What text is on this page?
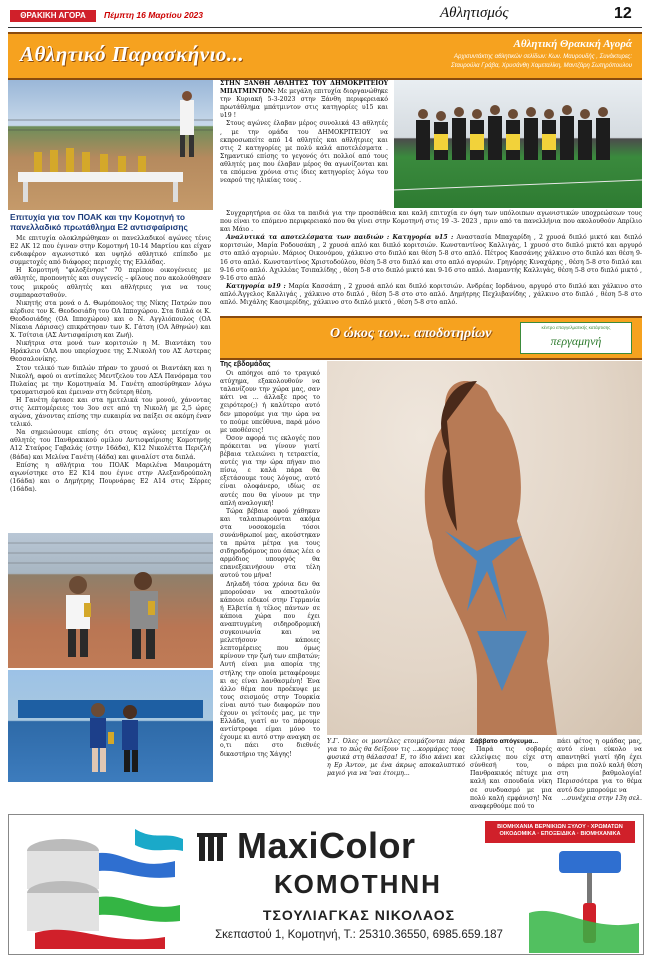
ΘΡΑΚΙΚΗ ΑΓΟΡΑ	Πέμπτη 16 Μαρτίου 2023	Αθλητισμός	12
Αθλητικό Παρασκήνιο...	Αθλητική Θρακική Αγορά
Αρχισυντάκτης αθλητικών σελίδων: Κων. Μαυρουδής , Συνάκτυρες:
Σταυρούλα Γράβα, Χρυσάνθη Χαμεταλίκη, Μαντζάρη Σωτηρόπουλου
Επιτυχία για τον ΠΟΑΚ και την Κομοτηνή το πανελλαδικό πρωτάθλημα Ε2 αντισφαίρισης

Με επιτυχία ολοκληρώθηκαν οι πανελλαδικοί αγώνες τένις Ε2 ΑΚ 12 που έγιναν στην Κομοτηνή 10-14 Μαρτίου και είχαν ενδιαφέρον αγωνιστικό και υψηλό αθλητικό επίπεδο με συμμετοχές από διάφορες περιοχές της Ελλάδας.

Η Κομοτηνή "φιλοξένησε" 70 περίπου οικογένειες με αθλητές, προπονητές και συγγενείς – φίλους που ακολούθησαν τους μικρούς αθλητές και αθλήτριες για να τους συμπαρασταθούν.

Νικητής στα μονά ο Δ. Θωμόπουλος της Νίκης Πατρών που κέρδισε τον Κ. Θεοδοσιάδη του ΟΑ Ιπποχώρου. Στα διπλά οι Κ. Θεοδοσιάδης (ΟΑ Ιπποχώρου) και ο Ν. Αγγλιόπουλος (ΟΑ Νίκαια Λάρισας) επικράτησαν των Κ. Γάτση (ΟΑ Άθηνών) και Χ. Τσίτσια (ΑΣ Αντισφαίριση και Ζωή).

Νικήτρια στα μονά των κοριτσιών η Μ. Βιαντάκη του Ηράκλειο ΟΑΑ που υπερίσχυσε της Σ.Νικολή του ΑΣ Αστερας Θεσσαλονίκης.

Στον τελικό των διπλών πήραν το χρυσό οι Βιαντάκη και η Νικολή, αφού οι αντίπαλες Μεντζελου του ΑΣΑ Πανόραμα του Πυλαίας με την Κομοτηναία Μ. Γανέτη αποσύρθηκαν λόγω τραυματισμού και έμειναν στη δεύτερη θέση.

Η Γανέτη έφτασε και στα ημιτελικά του μονού, χάνοντας στις λεπτομέρειες του 3ου σετ από τη Νικολή με 2,5 ώρες αγώνα, χάνοντας επίσης την ευκαιρία να παίξει σε ακόμη έναν τελικό.

Να σημειώσουμε επίσης ότι στους αγώνες μετείχαν οι αθλητές του Πανθρακικού ομίλου Αντισφαίρισης Κομοτηνής Α12 Σταύρος Γαβαλάς (στην 16άδα), Κ12 Νικολέττα Περιζλή (8άδα) και Μελίνα Γανέτη (4άδα) και φιναλίστ στα διπλά.

Επίσης η αθλήτρια του ΠΟΑΚ Μαριλένα Μαυρομάτη αγωνίστηκε στο Ε2 Κ14 που έγινε στην Αλεξανδρούπολη (16άδα) και ο Δημήτρης Πουρνάρας Ε2 Α14 στις Σέρρες (16άδα).

ΣΤΗΝ ΞΑΝΘΗ ΑΘΛΗΤΕΣ ΤΟΥ ΔΗΜΟΚΡΙΤΕΙΟΥ ΜΠΑΤΜΙΝΤΟΝ: Με μεγάλη επιτυχία διοργανώθηκε την Κυριακή 5-3-2023 στην Ξάνθη περιφερειακό πρωτάθλημα μπάτμιντον στις κατηγορίες υ15 και υ19 !

Στους αγώνες έλαβαν μέρος συνολικά 43 αθλητές , με την ομάδα του ΔΗΜΟΚΡΙΤΕΙΟΥ να εκπροσωπείτε από 14 αθλητές και αθλήτριες και στις 2 κατηγορίες με πολύ καλά αποτελέσματα . Σημαντικό επίσης το γεγονός ότι πολλοί από τους αθλητές μας που έλαβαν μέρος θα αγωνίζονται και τα επόμενα χρόνια στις ίδιες κατηγορίες λόγω του νεαρού της ηλικίας τους .

Συγχαρητήρια σε όλα τα παιδιά για την προσπάθεια και καλή επιτυχία εν όψη των υπόλοιπων αγωνιστικών υποχρεώσεων τους που είναι το επόμενο περιφερειακό που θα γίνει στην Κομοτηνή στις 19 -3- 2023 , πριν από τα πανελλήνια που ακολουθούν Απρίλιο και Μάιο .

Αναλυτικά τα αποτελέσματα των παιδιών : Κατηγορία υ15 : Αναστασία Μπαχαρίδη , 2 χρυσά διπλό μικτό και διπλό κοριτσιών, Μαρία Ροδουσάκη , 2 χρυσά απλό και διπλό κοριτσιών. Κωνσταντίνος Καλλιγάς, 1 χρυσό στο διπλό μικτό και αργυρό στο απλό αγοριών. Μάριος Οικονόμου, χάλκινο στο διπλό και θέση 5-8 στο απλό. Πέτρος Κασσάνης χάλκινο στο διπλό και θέση 9-16 στο απλό. Κωνσταντίνος Χριστοδούλου, θέση 5-8 στο διπλό και στο απλό αγοριών. Γρηγόρης Κιναχάρης , θέση 5-8 στο διπλό και 9-16 στο απλό. Αχιλλέας Τσιπαλίδης , θέση 5-8 στο διπλό μικτό και 9-16 στο απλό. Διαμαντής Καλλιγάς, θέση 5-8 στο διπλό μικτό , 9-16 στο απλό

Κατηγορία υ19 : Μαρία Κασσάπη , 2 χρυσά απλό και διπλό κοριτσιών. Ανδρέας Ιορδάνου, αργυρό στο διπλό και χάλκινο στο απλό.Άγγελος Καλλιγάς , χάλκινο στο διπλό , θέση 5-8 στο στο απλό. Δημήτρης Πεχλιβανίδης , χάλκινο στο διπλό , θέση 5-8 στο απλό. Μιχάλης Κασιμερίδης, χάλκινο στο διπλό μικτό , θέση 5-8 στο απλό.

Ο ώκος των... αποδοτηρίων	κέντρο επαγγελματικής κατάρτισης
περγαμηνή
Της εβδομάδας

Οι απόηχοι από το τραγικό ατύχημα, εξακολουθούν να ταλανίζουν την χώρα μας, σαν κάτι να ... άλλαξε προς το χειρότερο(;) ή καλύτερο αυτό δεν μπορούμε για την ώρα να το πούμε υπεύθυνα, παρά μόνο με υποθέσεις!

Όσον αφορά τις εκλογές που πρόκειται να γίνουν γιατί βέβαια τελειώνει η τετραετία, αυτές για την ώρα πήγαν πιο πίσω, ε καλά πάρα θα εξετάσουμε τους λόγους, αυτό είναι ολοφάνερο, ιδίως σε αυτές που θα γίνουν με την απλή αναλογική!

Τώρα βέβαια αφού χάθηκαν και ταλαιπωρούνται ακόμα στα νοσοκομεία τόσοι συνάνθρωποί μας, ακούστηκαν τα πρώτα μέτρα για τους σιδηροδρόμους που όπως λέει ο αρμόδιος υπουργός θα επανεξεκινήσουν στα τέλη αυτού του μήνα!

Δηλαδή τόσα χρόνια δεν θα μπορούσαν να αποσταλούν κάποιοι ειδικοί στην Γερμανία ή Ελβετία ή τέλος πάντων σε κάποια χώρα που έχει αναπτυγμένη σιδηροδρομική συγκοινωνία και να μελετήσουν κάποιες λεπτομέρειες που όμως κρίνουν την ζωή των επιβατών; Αυτή είναι μια απορία της στήλης την οποία μεταφέρουμε κι ας είναι λανθασμένη! Ένα άλλο θέμα που προέκυψε με τους σεισμούς στην Τουρκία είναι αυτό των διαφορών που έχουν οι γείτονές μας, με την Ελλάδα, γιατί αν το πάρουμε αντίστροφα είμαι μόνο το έχουμε κι αυτό στην αναγκη σε ο,τι πάει στο διεθνές δικαστήριο της Χάγης!

Υ.Γ. Όλες οι μοντέλες ετοιμάζονται πάρα για το πώς θα δείξουν τις ...κορμάρες τους φυσικά στη θάλασσα! Ε, το ίδιο κάνει και η Ερ Άντον, με ένα άκρως αποκαλυπτικό μαγιό για να 'ναι έτοιμη...
Σάββατο απόγευμα...

Παρά τις σοβαρές ελλείψεις που είχε στη σύνθεσή του, ο Πανθρακικός πέτυχε μια καλή και σπουδαία νίκη σε συνδυασμό με μια πολύ καλή εμφάνιση! Να αναφερθούμε πού το

πάει φέτος η ομάδας μας, αυτό είναι εύκολο να απαντηθεί γιατί ήδη έχει πάρει μια πολύ καλή θέση στη βαθμολογία! Περισσότερα για το θέμα αυτό δεν μπορούμε να

...συνέχεια στην 13η σελ.
ΒΙΟΜΗΧΑΝΙΑ ΒΕΡΝΙΚΙΩΝ ΞΥΛΟΥ · ΧΡΩΜΑΤΩΝ ΟΙΚΟΔΟΜΙΚΑ · ΕΠΟΞΕΙΔΙΚΑ · ΒΙΟΜΗΧΑΝΙΚΑ
MaxiColor
ΚΟΜΟΤΗΝΗ
ΤΣΟΥΛΙΑΓΚΑΣ ΝΙΚΟΛΑΟΣ
Σκεπαστού 1, Κομοτηνή, Τ.: 25310.36550, 6985.659.187
